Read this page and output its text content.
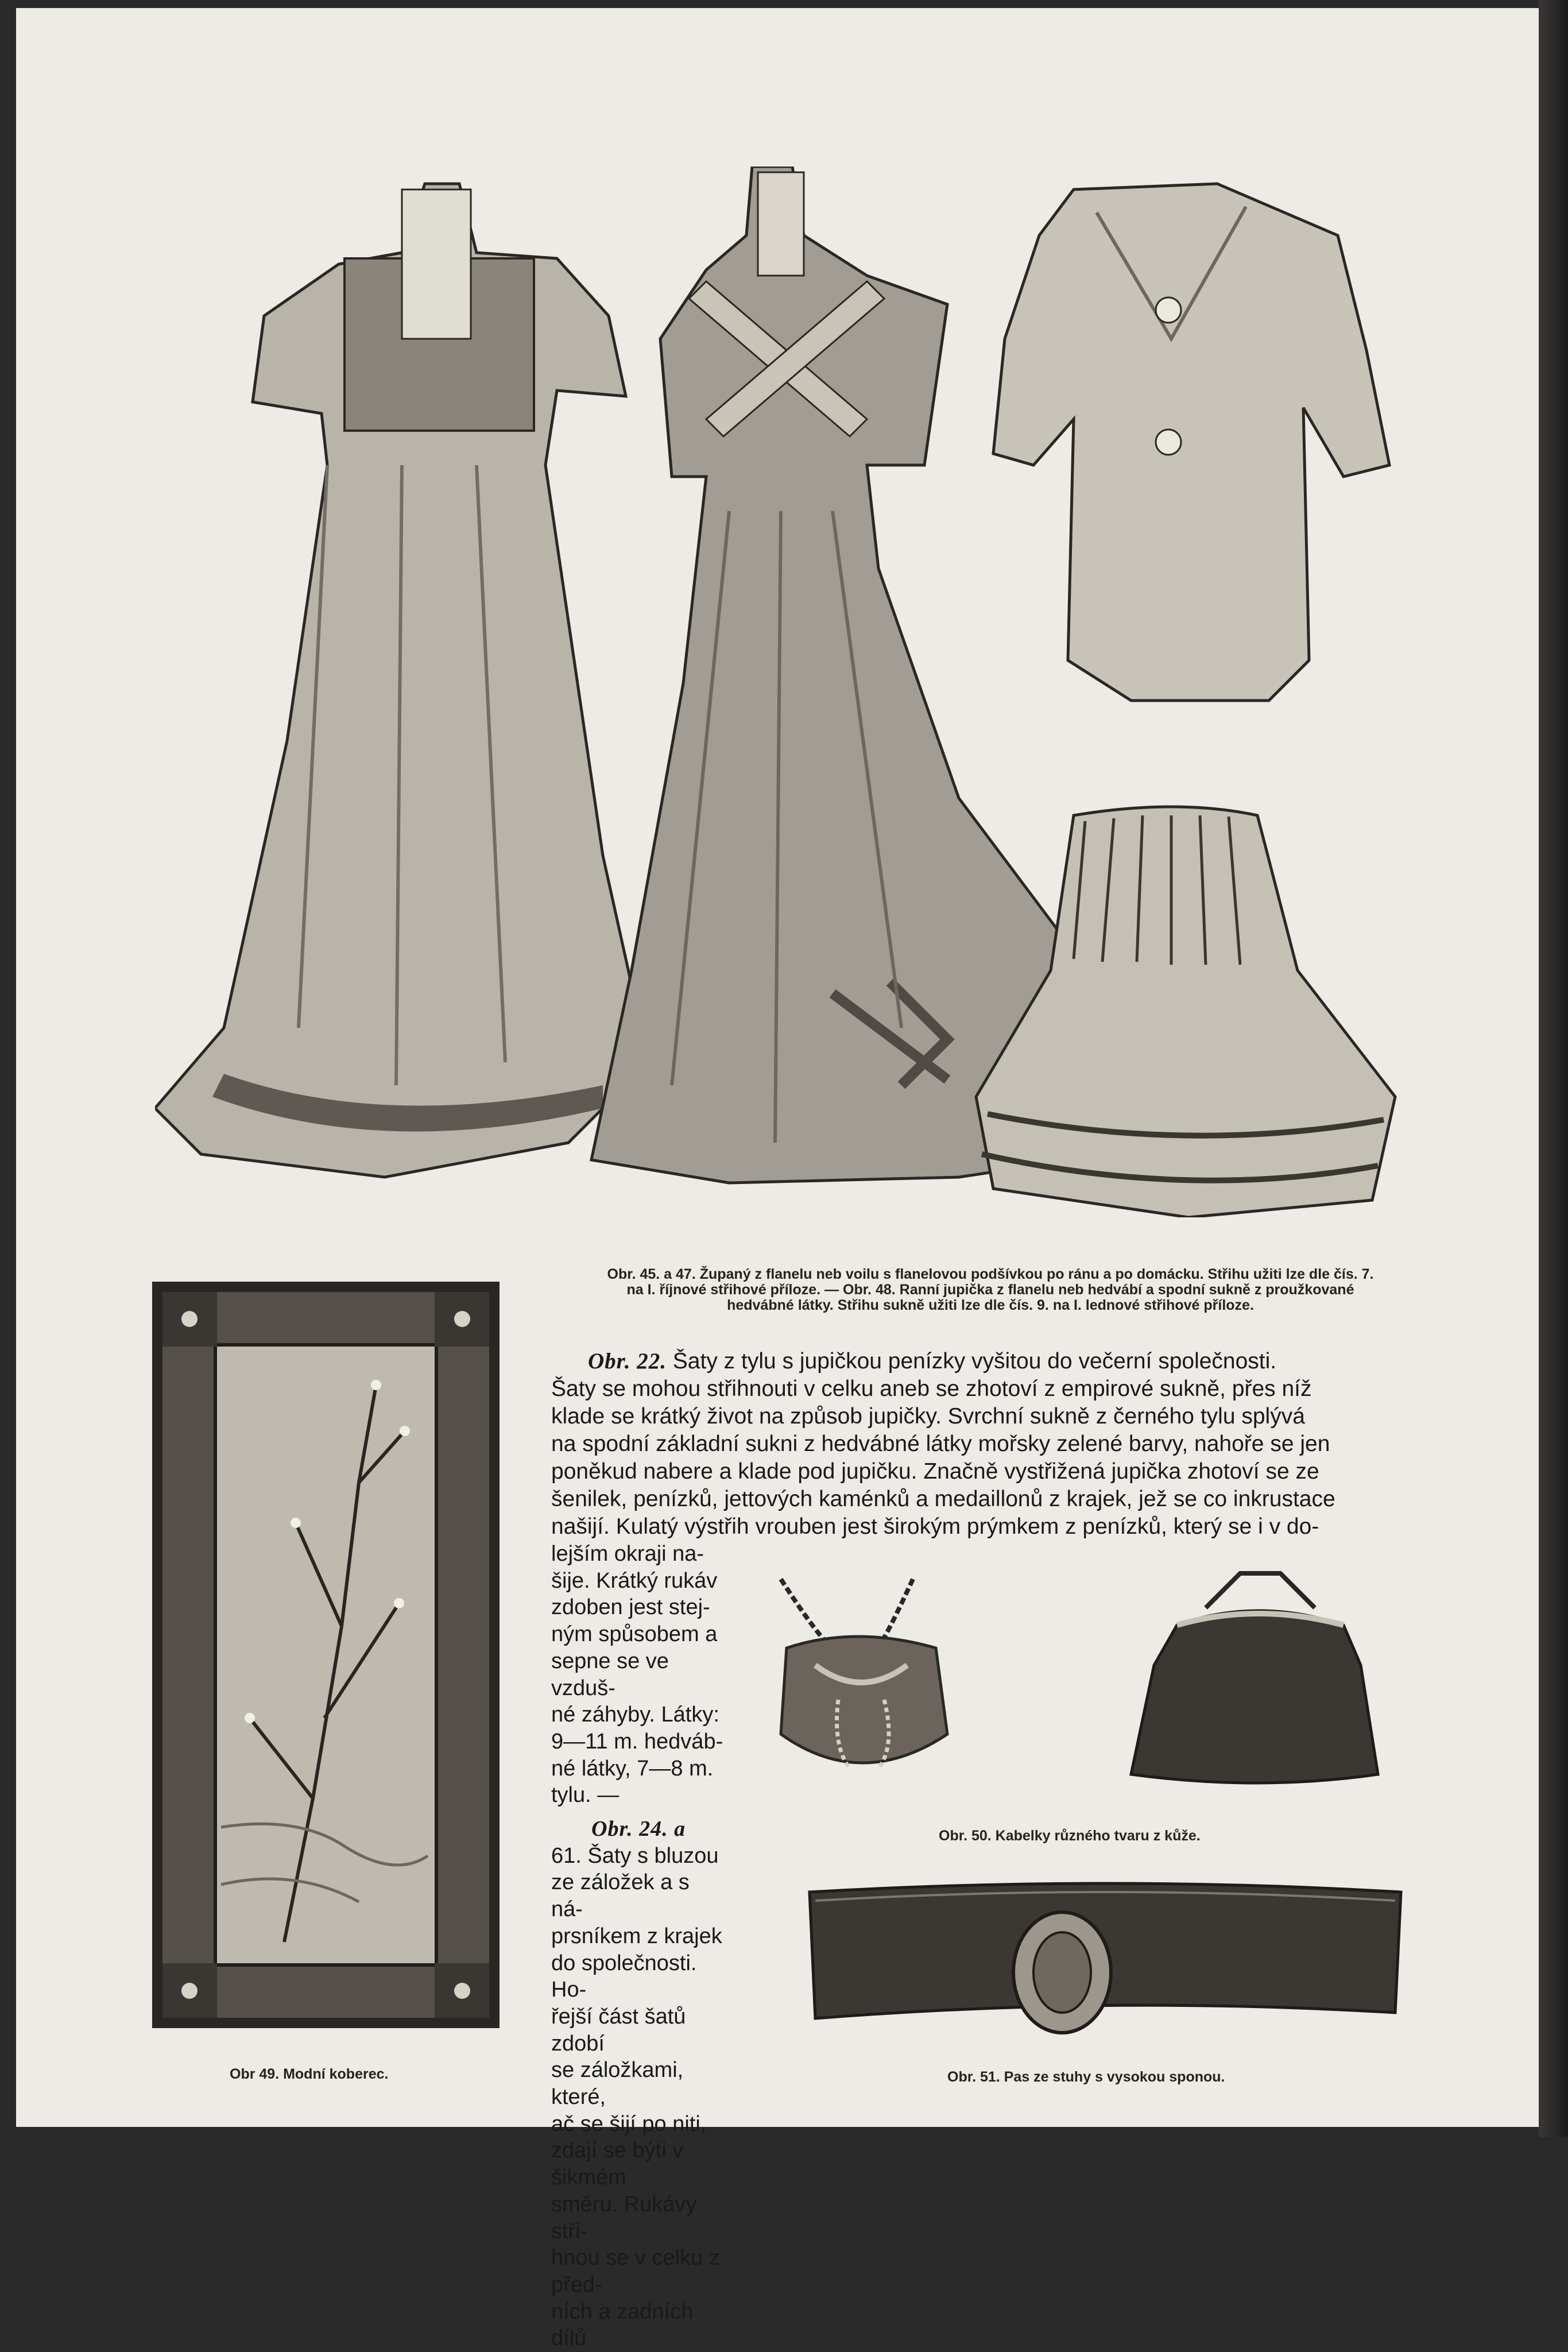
Obr. 45. a 47. Županý z flanelu neb voilu s flanelovou podšívkou po ránu a po domácku. Střihu užiti lze dle čís. 7.
na I. říjnové střihové příloze. — Obr. 48. Ranní jupička z flanelu neb hedvábí a spodní sukně z proužkované
hedvábné látky. Střihu sukně užiti lze dle čís. 9. na I. lednové střihové příloze.
Obr 49. Modní koberec.
Obr. 22. Šaty z tylu s jupičkou penízky vyšitou do večerní společnosti.
Šaty se mohou střihnouti v celku aneb se zhotoví z empirové sukně, přes níž
klade se krátký život na způsob jupičky. Svrchní sukně z černého tylu splývá
na spodní základní sukni z hedvábné látky mořsky zelené barvy, nahoře se jen
poněkud nabere a klade pod jupičku. Značně vystřižená jupička zhotoví se ze
šenilek, penízků, jettových kaménků a medaillonů z krajek, jež se co inkrustace
našijí. Kulatý výstřih vrouben jest širokým prýmkem z penízků, který se i v do-
lejším okraji na-
šije. Krátký rukáv
zdoben jest stej-
ným spůsobem a
sepne se ve vzduš-
né záhyby. Látky:
9—11 m. hedváb-
né látky, 7—8 m.
tylu. —
Obr. 24. a
61. Šaty s bluzou
ze záložek a s ná-
prsníkem z krajek
do společnosti. Ho-
řejší část šatů zdobí
se záložkami, které,
ač se šijí po niti,
zdají se býti v šikmém
směru. Rukávy stři-
hnou se v celku z před-
ních a zadních dílů
Obr. 50. Kabelky různého tvaru z kůže.
Obr. 51. Pas ze stuhy s vysokou sponou.
